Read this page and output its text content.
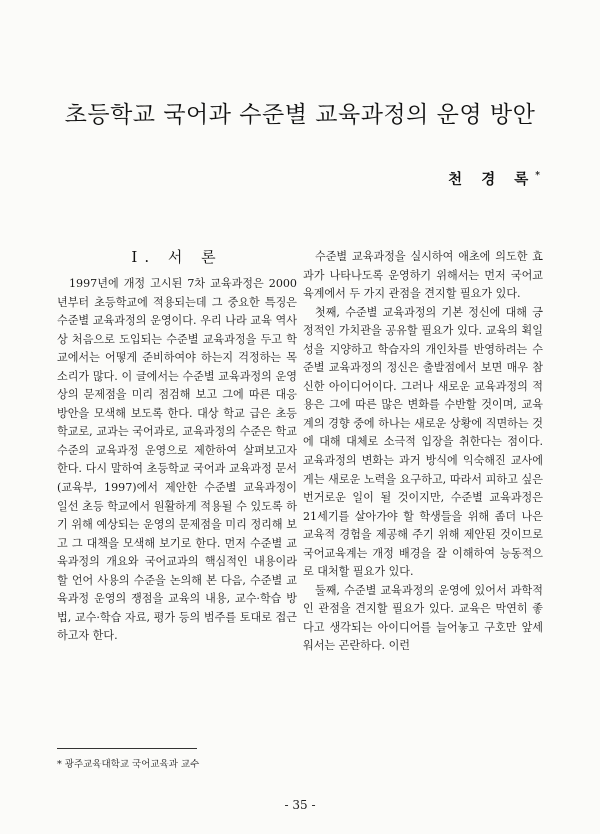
초등학교 국어과 수준별 교육과정의 운영 방안
천 경 록*
Ⅰ. 서 론

1997년에 개정 고시된 7차 교육과정은 2000년부터 초등학교에 적용되는데 그 중요한 특징은 수준별 교육과정의 운영이다. 우리 나라 교육 역사상 처음으로 도입되는 수준별 교육과정을 두고 학교에서는 어떻게 준비하여야 하는지 걱정하는 목소리가 많다. 이 글에서는 수준별 교육과정의 운영상의 문제점을 미리 점검해 보고 그에 따른 대응 방안을 모색해 보도록 한다. 대상 학교 급은 초등학교로, 교과는 국어과로, 교육과정의 수준은 학교 수준의 교육과정 운영으로 제한하여 살펴보고자 한다. 다시 말하여 초등학교 국어과 교육과정 문서(교육부, 1997)에서 제안한 수준별 교육과정이 일선 초등 학교에서 원활하게 적용될 수 있도록 하기 위해 예상되는 운영의 문제점을 미리 정리해 보고 그 대책을 모색해 보기로 한다. 먼저 수준별 교육과정의 개요와 국어교과의 핵심적인 내용이라 할 언어 사용의 수준을 논의해 본 다음, 수준별 교육과정 운영의 쟁점을 교육의 내용, 교수·학습 방법, 교수·학습 자료, 평가 등의 범주를 토대로 접근하고자 한다.

수준별 교육과정을 실시하여 애초에 의도한 효과가 나타나도록 운영하기 위해서는 먼저 국어교육계에서 두 가지 관점을 견지할 필요가 있다.

첫째, 수준별 교육과정의 기본 정신에 대해 긍정적인 가치관을 공유할 필요가 있다. 교육의 획일성을 지양하고 학습자의 개인차를 반영하려는 수준별 교육과정의 정신은 출발점에서 보면 매우 참신한 아이디어이다. 그러나 새로운 교육과정의 적용은 그에 따른 많은 변화를 수반할 것이며, 교육계의 경향 중에 하나는 새로운 상황에 직면하는 것에 대해 대체로 소극적 입장을 취한다는 점이다. 교육과정의 변화는 과거 방식에 익숙해진 교사에게는 새로운 노력을 요구하고, 따라서 피하고 싶은 번거로운 일이 될 것이지만, 수준별 교육과정은 21세기를 살아가야 할 학생들을 위해 좀더 나은 교육적 경험을 제공해 주기 위해 제안된 것이므로 국어교육계는 개정 배경을 잘 이해하여 능동적으로 대처할 필요가 있다.

둘째, 수준별 교육과정의 운영에 있어서 과학적인 관점을 견지할 필요가 있다. 교육은 막연히 좋다고 생각되는 아이디어를 늘어놓고 구호만 앞세워서는 곤란하다. 이런

* 광주교육대학교 국어교육과 교수
- 35 -
